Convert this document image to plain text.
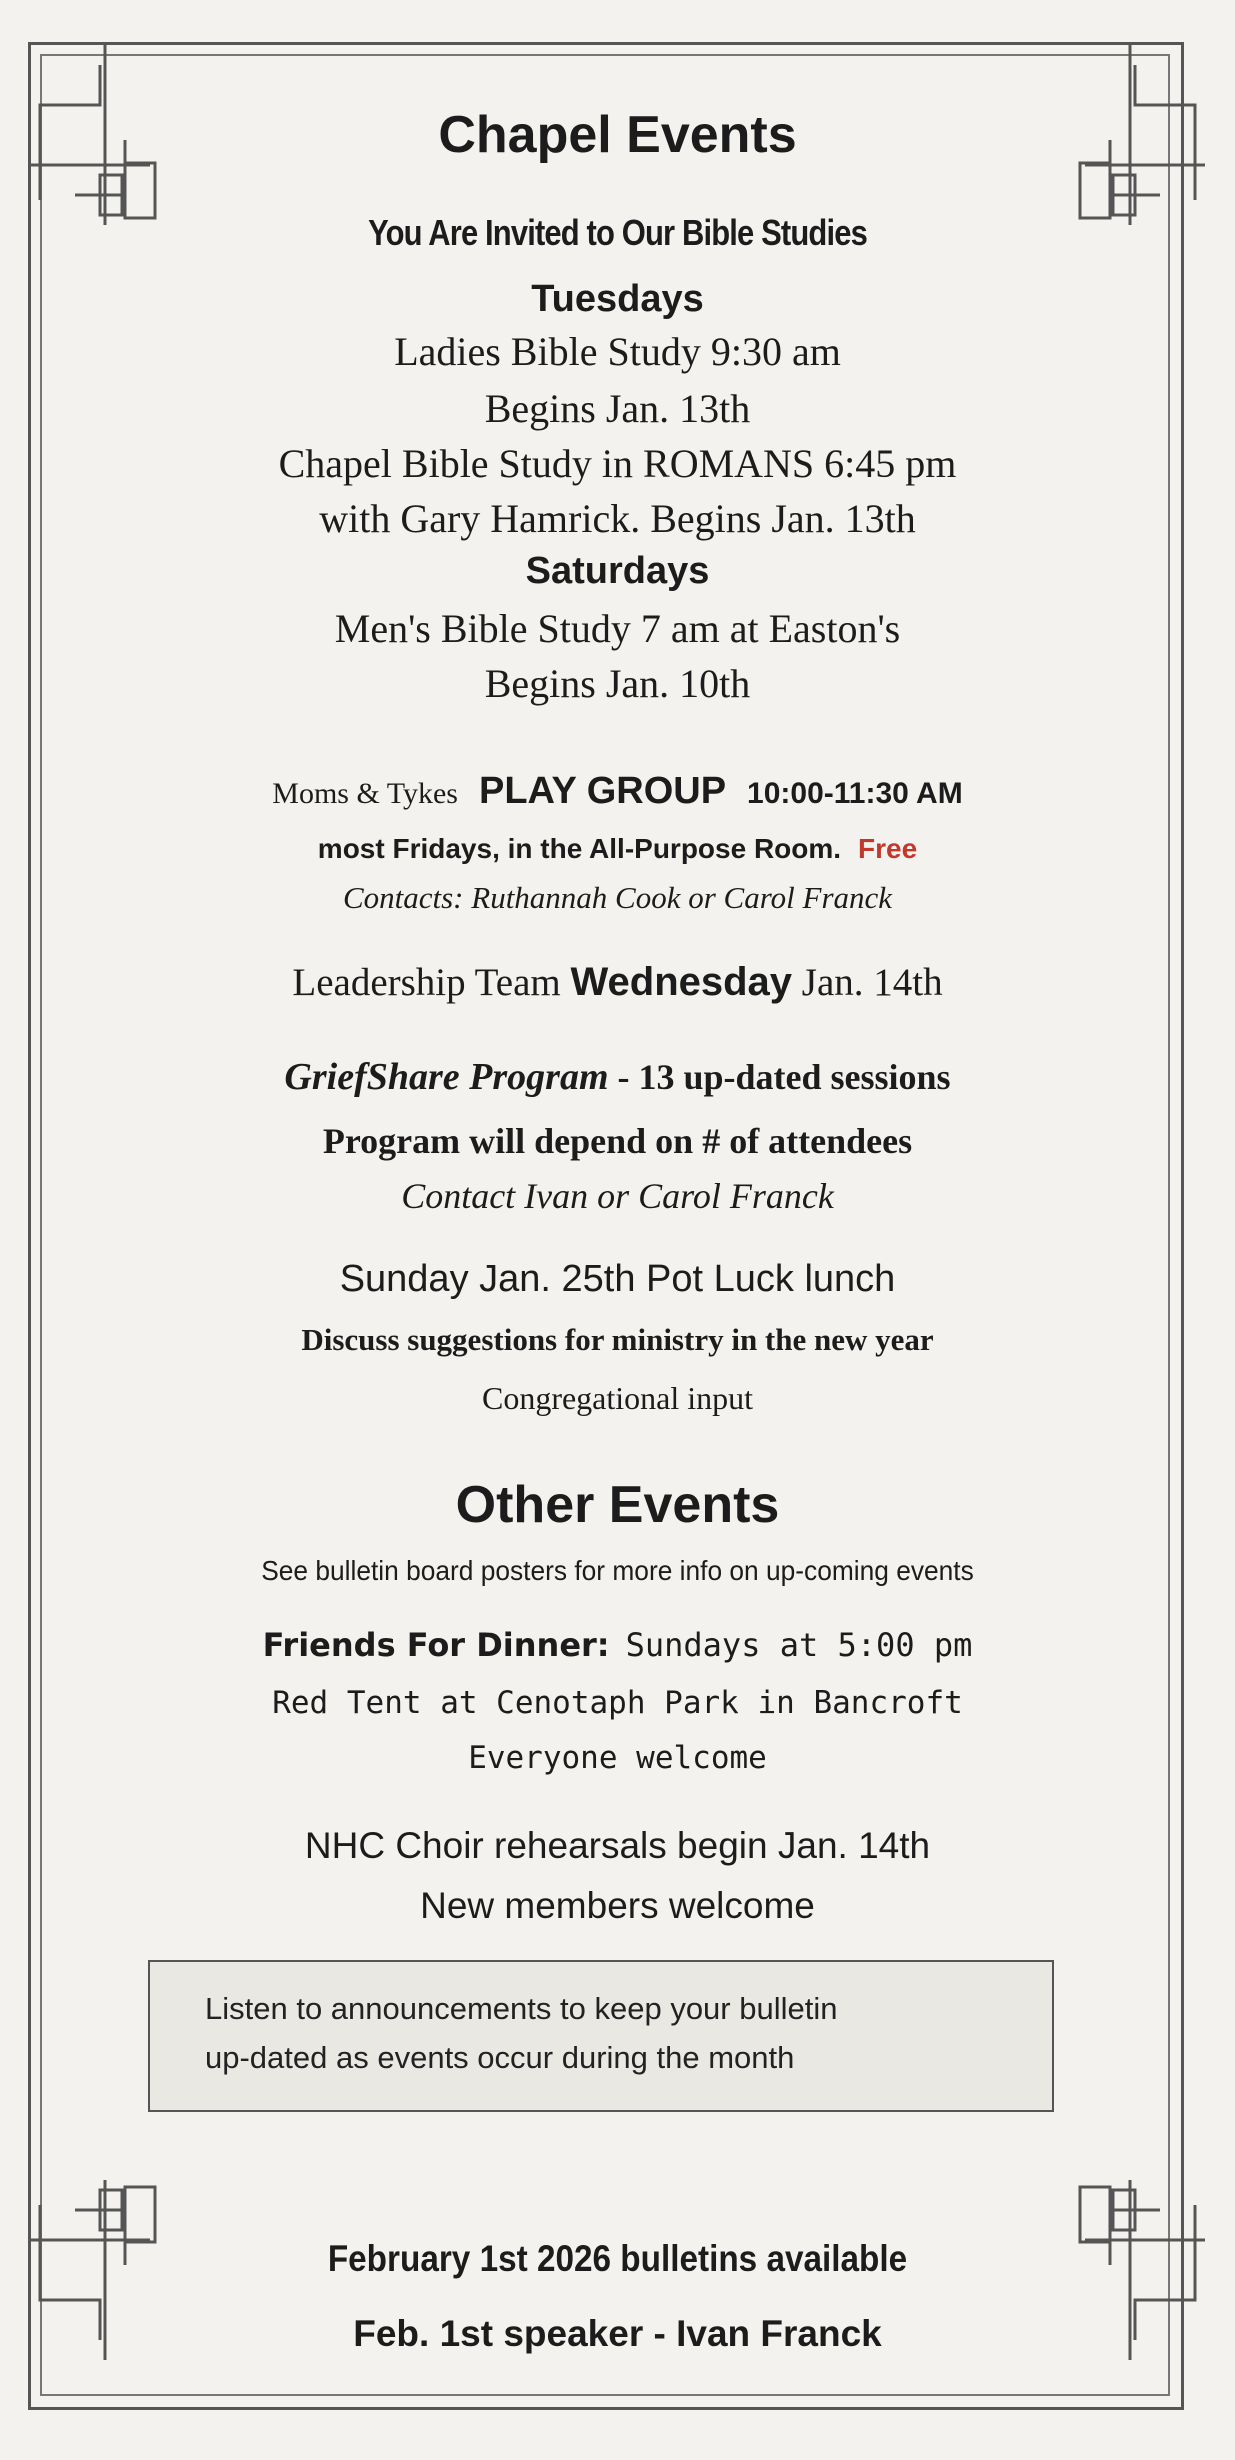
Chapel Events
You Are Invited to Our Bible Studies
Tuesdays
Ladies Bible Study 9:30 am
Begins Jan. 13th
Chapel Bible Study in ROMANS 6:45 pm
with Gary Hamrick. Begins Jan. 13th
Saturdays
Men's Bible Study 7 am at Easton's
Begins Jan. 10th
Moms & Tykes PLAY GROUP 10:00-11:30 AM
most Fridays, in the All-Purpose Room. Free
Contacts: Ruthannah Cook or Carol Franck
Leadership Team Wednesday Jan. 14th
GriefShare Program - 13 up-dated sessions
Program will depend on # of attendees
Contact Ivan or Carol Franck
Sunday Jan. 25th Pot Luck lunch
Discuss suggestions for ministry in the new year
Congregational input
Other Events
See bulletin board posters for more info on up-coming events
Friends For Dinner: Sundays at 5:00 pm
Red Tent at Cenotaph Park in Bancroft
Everyone welcome
NHC Choir rehearsals begin Jan. 14th
New members welcome
Listen to announcements to keep your bulletin
up-dated as events occur during the month
February 1st 2026 bulletins available
Feb. 1st speaker - Ivan Franck
